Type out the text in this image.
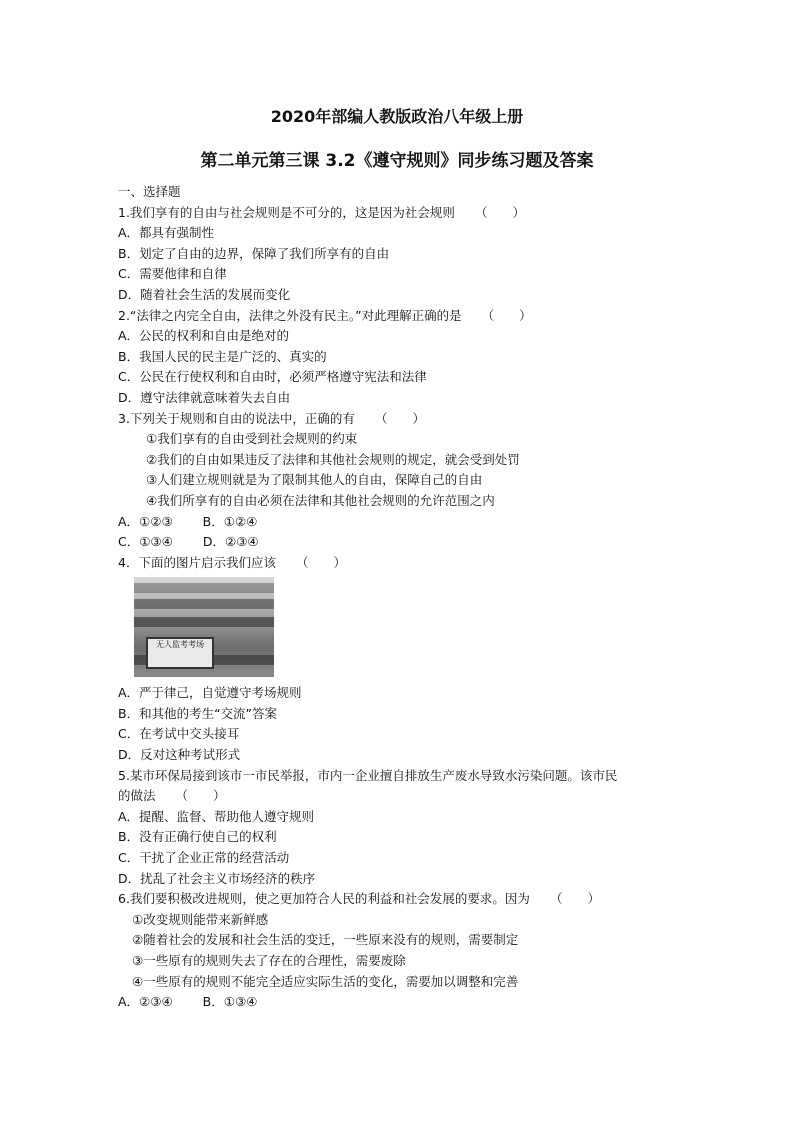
2020年部编人教版政治八年级上册
第二单元第三课 3.2《遵守规则》同步练习题及答案
一、选择题
1.我们享有的自由与社会规则是不可分的，这是因为社会规则 （　　）
A．都具有强制性
B．划定了自由的边界，保障了我们所享有的自由
C．需要他律和自律
D．随着社会生活的发展而变化
2.“法律之内完全自由，法律之外没有民主。”对此理解正确的是 （　　）
A．公民的权利和自由是绝对的
B．我国人民的民主是广泛的、真实的
C．公民在行使权利和自由时，必须严格遵守宪法和法律
D．遵守法律就意味着失去自由
3.下列关于规则和自由的说法中，正确的有 （　　）
①我们享有的自由受到社会规则的约束
②我们的自由如果违反了法律和其他社会规则的规定，就会受到处罚
③人们建立规则就是为了限制其他人的自由，保障自己的自由
④我们所享有的自由必须在法律和其他社会规则的允许范围之内
A．①②③ B．①②④
C．①③④ D．②③④
4．下面的图片启示我们应该 （　　）
无人监考考场
A．严于律己，自觉遵守考场规则
B．和其他的考生“交流”答案
C．在考试中交头接耳
D．反对这种考试形式
5.某市环保局接到该市一市民举报，市内一企业擅自排放生产废水导致水污染问题。该市民
的做法 （　　）
A．提醒、监督、帮助他人遵守规则
B．没有正确行使自己的权利
C．干扰了企业正常的经营活动
D．扰乱了社会主义市场经济的秩序
6.我们要积极改进规则，使之更加符合人民的利益和社会发展的要求。因为 （　　）
①改变规则能带来新鲜感
②随着社会的发展和社会生活的变迁，一些原来没有的规则，需要制定
③一些原有的规则失去了存在的合理性，需要废除
④一些原有的规则不能完全适应实际生活的变化，需要加以调整和完善
A．②③④ B．①③④
